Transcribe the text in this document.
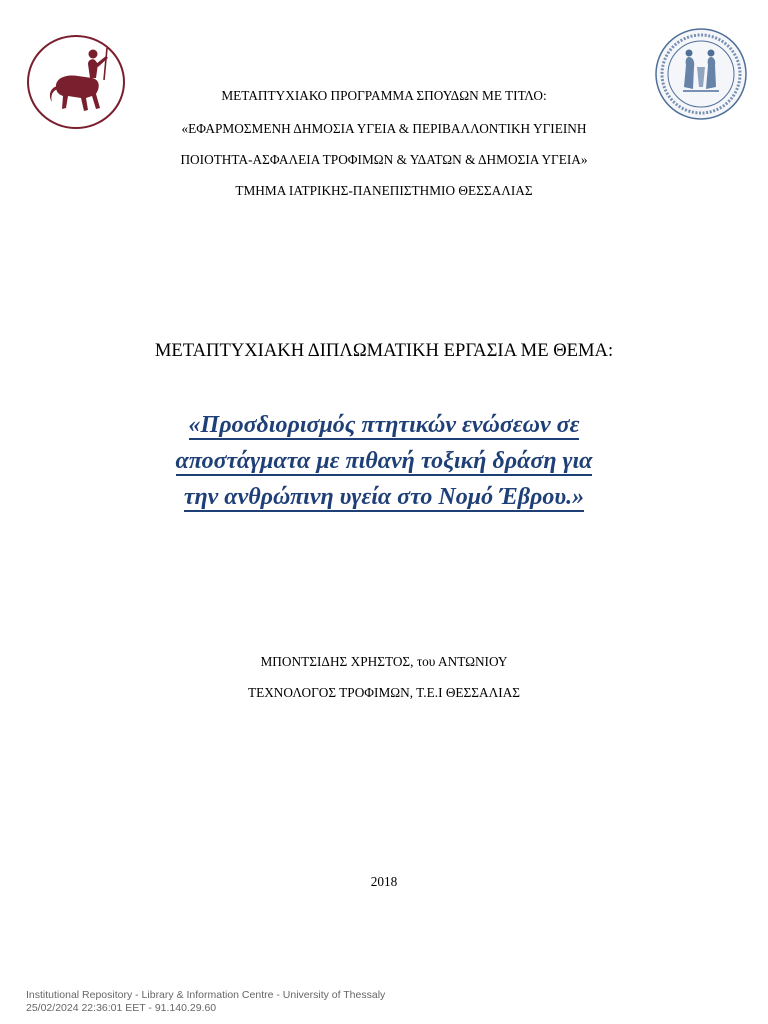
ΜΕΤΑΠΤΥΧΙΑΚΟ ΠΡΟΓΡΑΜΜΑ ΣΠΟΥΔΩΝ ΜΕ ΤΙΤΛΟ:
«ΕΦΑΡΜΟΣΜΕΝΗ ΔΗΜΟΣΙΑ ΥΓΕΙΑ & ΠΕΡΙΒΑΛΛΟΝΤΙΚΗ ΥΓΙΕΙΝΗ
ΠΟΙΟΤΗΤΑ-ΑΣΦΑΛΕΙΑ ΤΡΟΦΙΜΩΝ & ΥΔΑΤΩΝ & ΔΗΜΟΣΙΑ ΥΓΕΙΑ»
ΤΜΗΜΑ ΙΑΤΡΙΚΗΣ-ΠΑΝΕΠΙΣΤΗΜΙΟ ΘΕΣΣΑΛΙΑΣ
ΜΕΤΑΠΤΥΧΙΑΚΗ ΔΙΠΛΩΜΑΤΙΚΗ ΕΡΓΑΣΙΑ ΜΕ ΘΕΜΑ:
«Προσδιορισμός πτητικών ενώσεων σε
αποστάγματα με πιθανή τοξική δράση για
την ανθρώπινη υγεία στο Νομό Έβρου.»
ΜΠΟΝΤΣΙΔΗΣ ΧΡΗΣΤΟΣ, του ΑΝΤΩΝΙΟΥ
ΤΕΧΝΟΛΟΓΟΣ ΤΡΟΦΙΜΩΝ, Τ.Ε.Ι ΘΕΣΣΑΛΙΑΣ
2018
Institutional Repository - Library & Information Centre - University of Thessaly
25/02/2024 22:36:01 EET - 91.140.29.60
